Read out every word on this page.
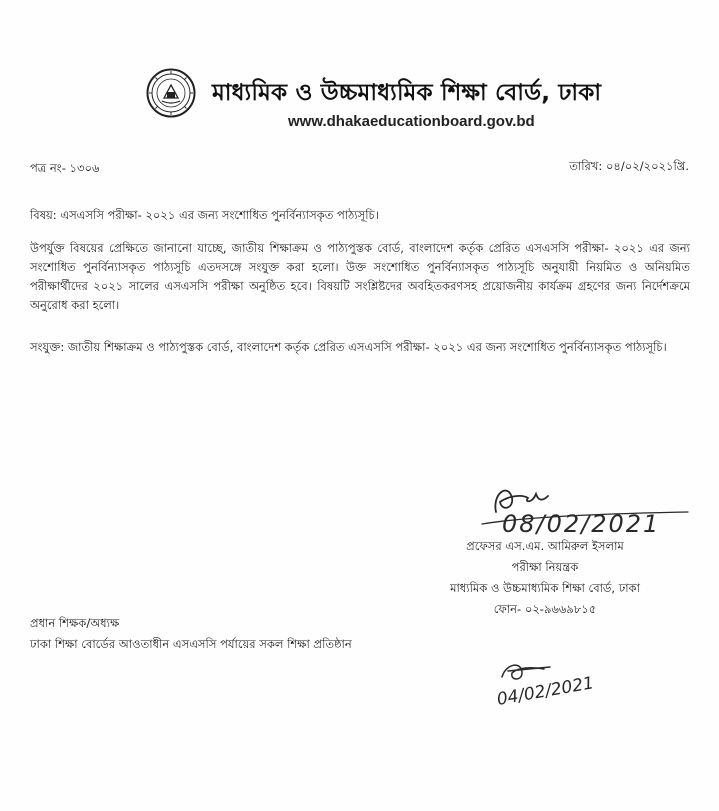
মাধ্যমিক ও উচ্চমাধ্যমিক শিক্ষা বোর্ড, ঢাকা
www.dhakaeducationboard.gov.bd
পত্র নং- ১৩০৬	তারিখ: ০৪/০২/২০২১খ্রি.
বিষয়: এসএসসি পরীক্ষা- ২০২১ এর জন্য সংশোধিত পুনর্বিন্যাসকৃত পাঠ্যসূচি।
উপর্যুক্ত বিষয়ের প্রেক্ষিতে জানানো যাচ্ছে, জাতীয় শিক্ষাক্রম ও পাঠ্যপুস্তক বোর্ড, বাংলাদেশ কর্তৃক প্রেরিত এসএসসি পরীক্ষা- ২০২১ এর জন্য সংশোধিত পুনর্বিন্যাসকৃত পাঠ্যসূচি এতদসঙ্গে সংযুক্ত করা হলো। উক্ত সংশোধিত পুনর্বিন্যাসকৃত পাঠ্যসূচি অনুযায়ী নিয়মিত ও অনিয়মিত পরীক্ষার্থীদের ২০২১ সালের এসএসসি পরীক্ষা অনুষ্ঠিত হবে। বিষয়টি সংশ্লিষ্টদের অবহিতকরণসহ প্রয়োজনীয় কার্যক্রম গ্রহণের জন্য নির্দেশক্রমে অনুরোধ করা হলো।
সংযুক্ত: জাতীয় শিক্ষাক্রম ও পাঠ্যপুস্তক বোর্ড, বাংলাদেশ কর্তৃক প্রেরিত এসএসসি পরীক্ষা- ২০২১ এর জন্য সংশোধিত পুনর্বিন্যাসকৃত পাঠ্যসূচি।
08/02/2021
প্রফেসর এস.এম. আমিরুল ইসলাম
পরীক্ষা নিয়ন্ত্রক
মাধ্যমিক ও উচ্চমাধ্যমিক শিক্ষা বোর্ড, ঢাকা
ফোন- ০২-৯৬৬৯৮১৫
প্রধান শিক্ষক/অধ্যক্ষ
ঢাকা শিক্ষা বোর্ডের আওতাধীন এসএসসি পর্যায়ের সকল শিক্ষা প্রতিষ্ঠান
04/02/2021
